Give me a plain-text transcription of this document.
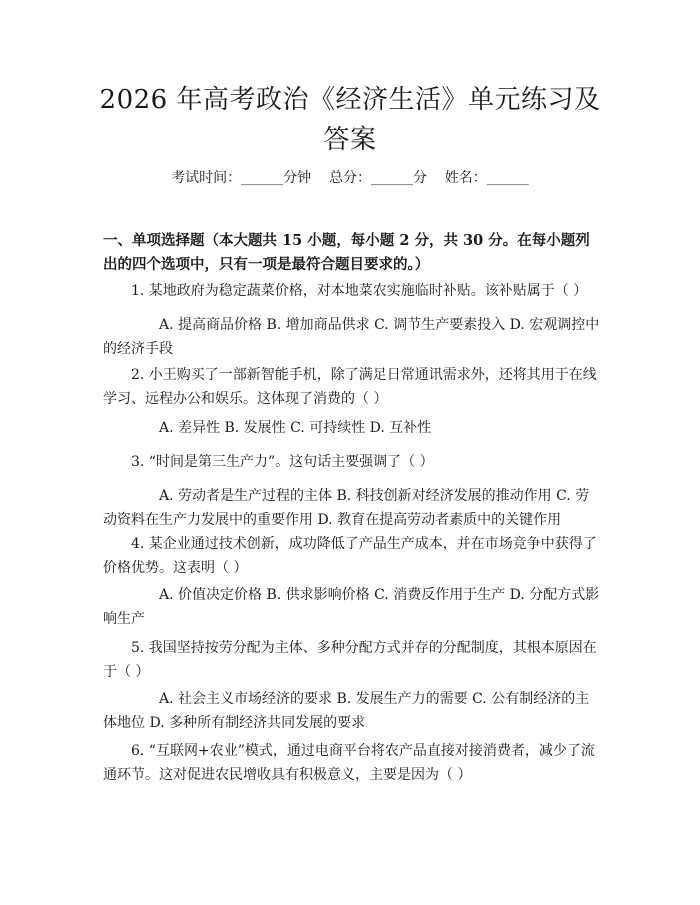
2026 年高考政治《经济生活》单元练习及答案
考试时间：______分钟    总分：______分    姓名：______
一、单项选择题（本大题共 15 小题，每小题 2 分，共 30 分。在每小题列出的四个选项中，只有一项是最符合题目要求的。）
1. 某地政府为稳定蔬菜价格，对本地菜农实施临时补贴。该补贴属于（ ）
A. 提高商品价格 B. 增加商品供求 C. 调节生产要素投入 D. 宏观调控中的经济手段
2. 小王购买了一部新智能手机，除了满足日常通讯需求外，还将其用于在线学习、远程办公和娱乐。这体现了消费的（ ）
A. 差异性 B. 发展性 C. 可持续性 D. 互补性
3. “时间是第三生产力”。这句话主要强调了（ ）
A. 劳动者是生产过程的主体 B. 科技创新对经济发展的推动作用 C. 劳动资料在生产力发展中的重要作用 D. 教育在提高劳动者素质中的关键作用
4. 某企业通过技术创新，成功降低了产品生产成本，并在市场竞争中获得了价格优势。这表明（ ）
A. 价值决定价格 B. 供求影响价格 C. 消费反作用于生产 D. 分配方式影响生产
5. 我国坚持按劳分配为主体、多种分配方式并存的分配制度，其根本原因在于（ ）
A. 社会主义市场经济的要求 B. 发展生产力的需要 C. 公有制经济的主体地位 D. 多种所有制经济共同发展的要求
6. “互联网+农业”模式，通过电商平台将农产品直接对接消费者，减少了流通环节。这对促进农民增收具有积极意义，主要是因为（ ）
